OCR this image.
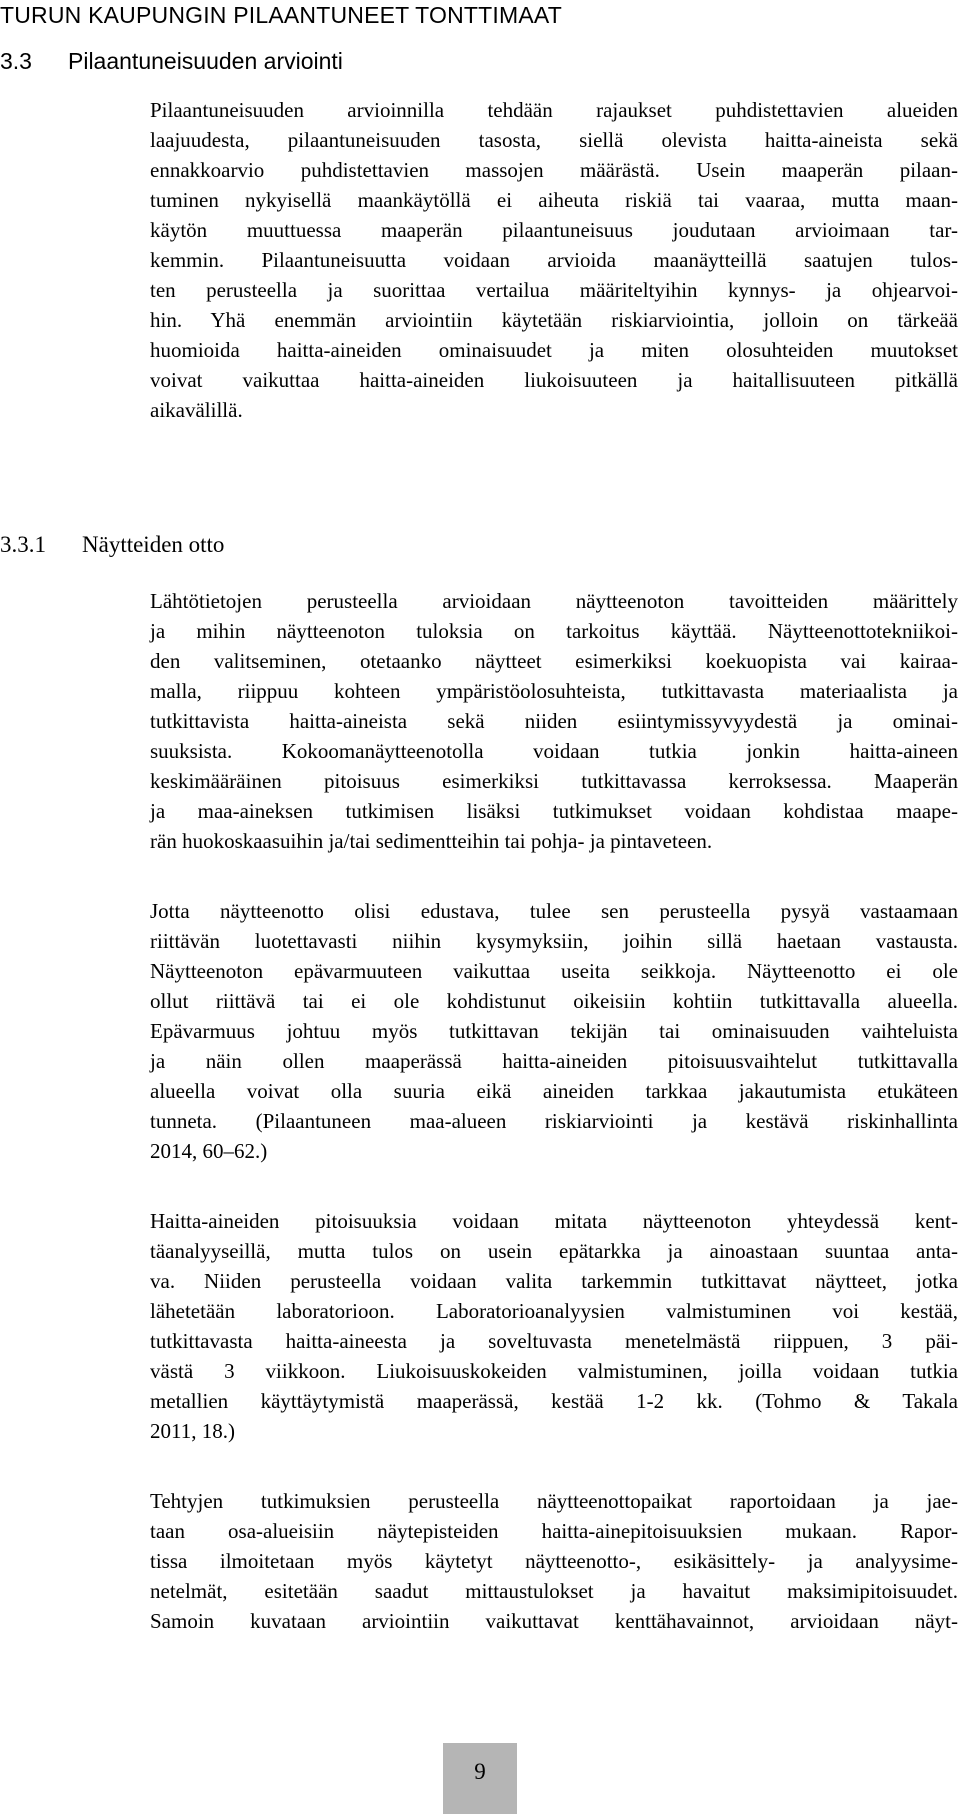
TURUN KAUPUNGIN PILAANTUNEET TONTTIMAAT
3.3 Pilaantuneisuuden arviointi
Pilaantuneisuuden arvioinnilla tehdään rajaukset puhdistettavien alueiden
laajuudesta, pilaantuneisuuden tasosta, siellä olevista haitta-aineista sekä
ennakkoarvio puhdistettavien massojen määrästä. Usein maaperän pilaan-
tuminen nykyisellä maankäytöllä ei aiheuta riskiä tai vaaraa, mutta maan-
käytön muuttuessa maaperän pilaantuneisuus joudutaan arvioimaan tar-
kemmin. Pilaantuneisuutta voidaan arvioida maanäytteillä saatujen tulos-
ten perusteella ja suorittaa vertailua määriteltyihin kynnys- ja ohjearvoi-
hin. Yhä enemmän arviointiin käytetään riskiarviointia, jolloin on tärkeää
huomioida haitta-aineiden ominaisuudet ja miten olosuhteiden muutokset
voivat vaikuttaa haitta-aineiden liukoisuuteen ja haitallisuuteen pitkällä
aikavälillä.
3.3.1 Näytteiden otto
Lähtötietojen perusteella arvioidaan näytteenoton tavoitteiden määrittely
ja mihin näytteenoton tuloksia on tarkoitus käyttää. Näytteenottotekniikoi-
den valitseminen, otetaanko näytteet esimerkiksi koekuopista vai kairaa-
malla, riippuu kohteen ympäristöolosuhteista, tutkittavasta materiaalista ja
tutkittavista haitta-aineista sekä niiden esiintymissyvyydestä ja ominai-
suuksista. Kokoomanäytteenotolla voidaan tutkia jonkin haitta-aineen
keskimääräinen pitoisuus esimerkiksi tutkittavassa kerroksessa. Maaperän
ja maa-aineksen tutkimisen lisäksi tutkimukset voidaan kohdistaa maape-
rän huokoskaasuihin ja/tai sedimentteihin tai pohja- ja pintaveteen.
Jotta näytteenotto olisi edustava, tulee sen perusteella pysyä vastaamaan
riittävän luotettavasti niihin kysymyksiin, joihin sillä haetaan vastausta.
Näytteenoton epävarmuuteen vaikuttaa useita seikkoja. Näytteenotto ei ole
ollut riittävä tai ei ole kohdistunut oikeisiin kohtiin tutkittavalla alueella.
Epävarmuus johtuu myös tutkittavan tekijän tai ominaisuuden vaihteluista
ja näin ollen maaperässä haitta-aineiden pitoisuusvaihtelut tutkittavalla
alueella voivat olla suuria eikä aineiden tarkkaa jakautumista etukäteen
tunneta. (Pilaantuneen maa-alueen riskiarviointi ja kestävä riskinhallinta
2014, 60–62.)
Haitta-aineiden pitoisuuksia voidaan mitata näytteenoton yhteydessä kent-
täanalyyseillä, mutta tulos on usein epätarkka ja ainoastaan suuntaa anta-
va. Niiden perusteella voidaan valita tarkemmin tutkittavat näytteet, jotka
lähetetään laboratorioon. Laboratorioanalyysien valmistuminen voi kestää,
tutkittavasta haitta-aineesta ja soveltuvasta menetelmästä riippuen, 3 päi-
västä 3 viikkoon. Liukoisuuskokeiden valmistuminen, joilla voidaan tutkia
metallien käyttäytymistä maaperässä, kestää 1-2 kk. (Tohmo & Takala
2011, 18.)
Tehtyjen tutkimuksien perusteella näytteenottopaikat raportoidaan ja jae-
taan osa-alueisiin näytepisteiden haitta-ainepitoisuuksien mukaan. Rapor-
tissa ilmoitetaan myös käytetyt näytteenotto-, esikäsittely- ja analyysime-
netelmät, esitetään saadut mittaustulokset ja havaitut maksimipitoisuudet.
Samoin kuvataan arviointiin vaikuttavat kenttähavainnot, arvioidaan näyt-
9
